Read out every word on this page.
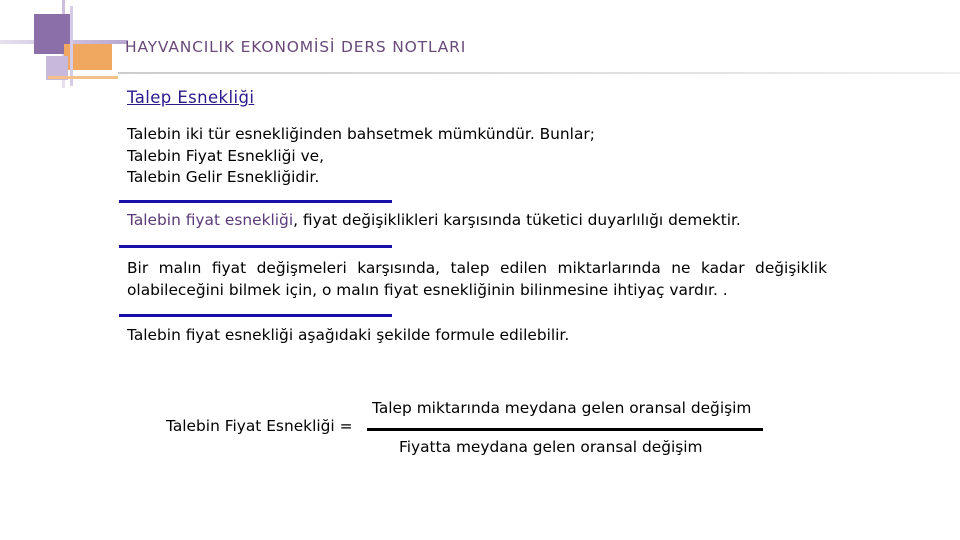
HAYVANCILIK EKONOMİSİ DERS NOTLARI
Talep Esnekliği
Talebin iki tür esnekliğinden bahsetmek mümkündür. Bunlar;
Talebin Fiyat Esnekliği ve,
Talebin Gelir Esnekliğidir.
Talebin fiyat esnekliği, fiyat değişiklikleri karşısında tüketici duyarlılığı demektir.
Bir malın fiyat değişmeleri karşısında, talep edilen miktarlarında ne kadar değişiklik olabileceğini bilmek için, o malın fiyat esnekliğinin bilinmesine ihtiyaç vardır. .
Talebin fiyat esnekliği aşağıdaki şekilde formule edilebilir.
Talebin Fiyat Esnekliği =
Talep miktarında meydana gelen oransal değişim
Fiyatta meydana gelen oransal değişim
